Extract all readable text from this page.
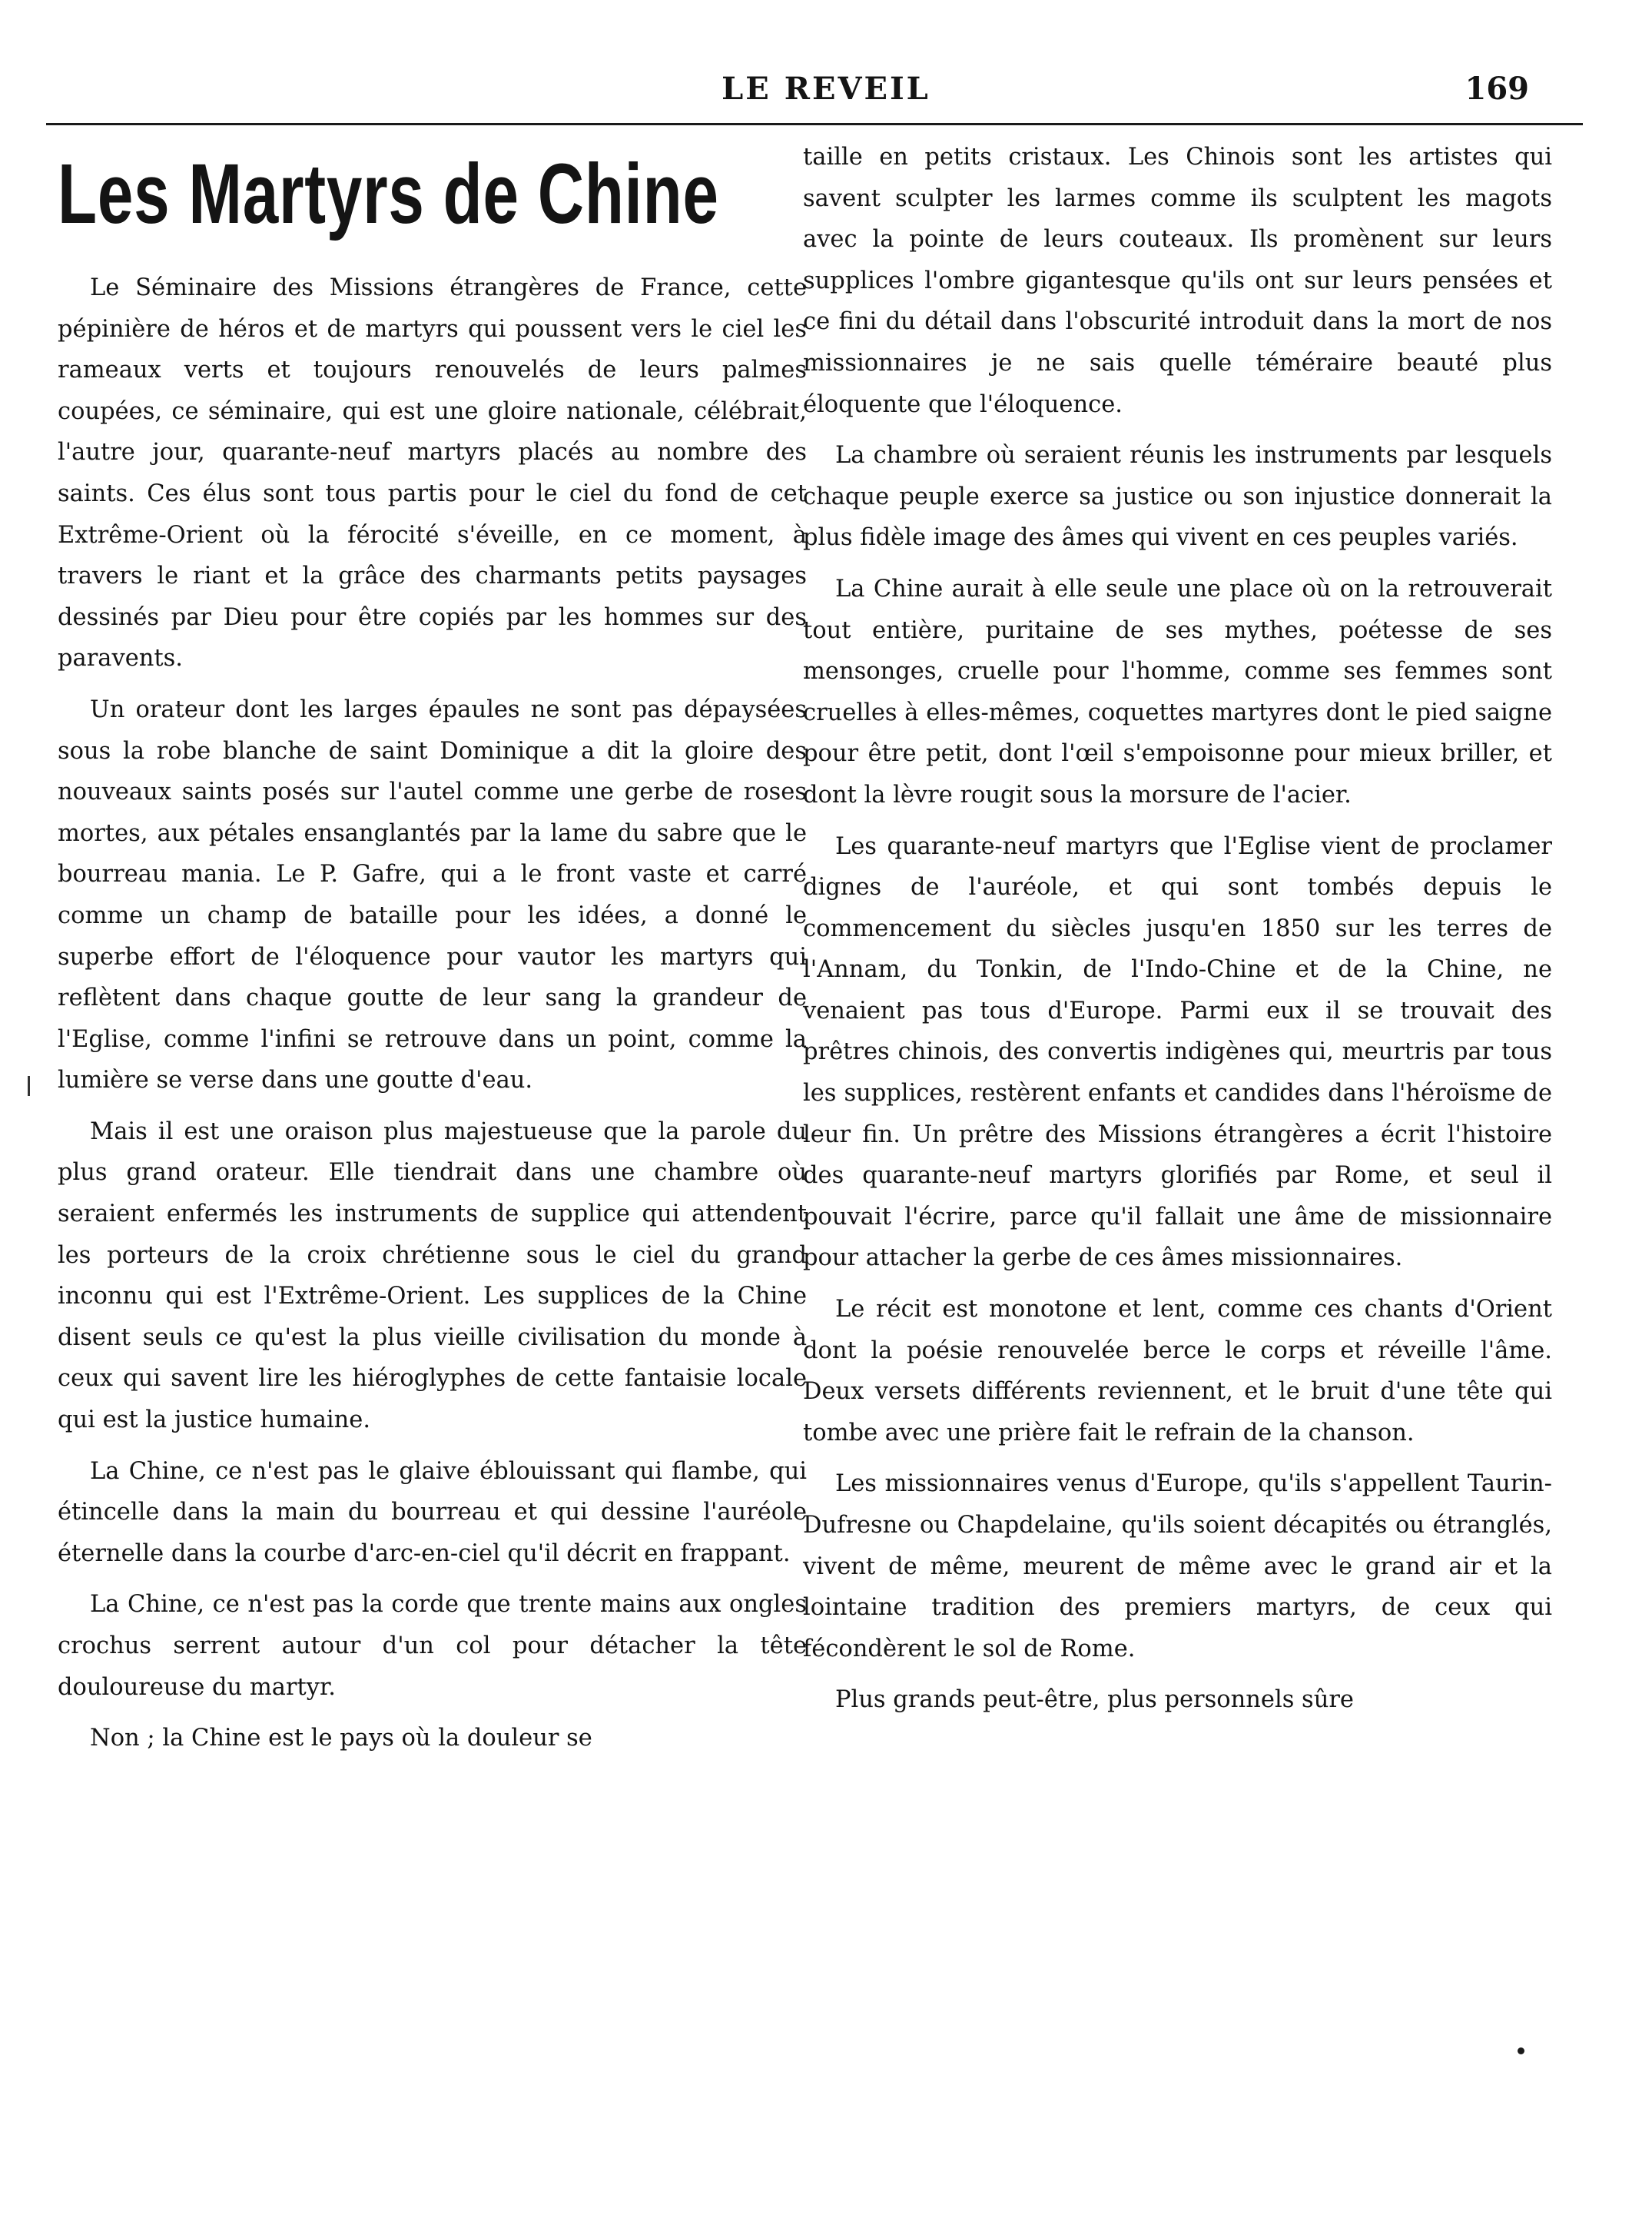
LE REVEIL	169
Les Martyrs de Chine

Le Séminaire des Missions étrangères de France, cette pépinière de héros et de martyrs qui poussent vers le ciel les rameaux verts et toujours renouvelés de leurs palmes coupées, ce séminaire, qui est une gloire nationale, célébrait, l'autre jour, quarante-neuf martyrs placés au nombre des saints. Ces élus sont tous partis pour le ciel du fond de cet Extrême-Orient où la férocité s'éveille, en ce moment, à travers le riant et la grâce des charmants petits paysages dessinés par Dieu pour être copiés par les hommes sur des paravents.

Un orateur dont les larges épaules ne sont pas dépaysées sous la robe blanche de saint Dominique a dit la gloire des nouveaux saints posés sur l'autel comme une gerbe de roses mortes, aux pétales ensanglantés par la lame du sabre que le bourreau mania. Le P. Gafre, qui a le front vaste et carré comme un champ de bataille pour les idées, a donné le superbe effort de l'éloquence pour vautor les martyrs qui reflètent dans chaque goutte de leur sang la grandeur de l'Eglise, comme l'infini se retrouve dans un point, comme la lumière se verse dans une goutte d'eau.

Mais il est une oraison plus majestueuse que la parole du plus grand orateur. Elle tiendrait dans une chambre où seraient enfermés les instruments de supplice qui attendent les porteurs de la croix chrétienne sous le ciel du grand inconnu qui est l'Extrême-Orient. Les supplices de la Chine disent seuls ce qu'est la plus vieille civilisation du monde à ceux qui savent lire les hiéroglyphes de cette fantaisie locale qui est la justice humaine.

La Chine, ce n'est pas le glaive éblouissant qui flambe, qui étincelle dans la main du bourreau et qui dessine l'auréole éternelle dans la courbe d'arc-en-ciel qu'il décrit en frappant.

La Chine, ce n'est pas la corde que trente mains aux ongles crochus serrent autour d'un col pour détacher la tête douloureuse du martyr.

Non ; la Chine est le pays où la douleur se

taille en petits cristaux. Les Chinois sont les artistes qui savent sculpter les larmes comme ils sculptent les magots avec la pointe de leurs couteaux. Ils promènent sur leurs supplices l'ombre gigantesque qu'ils ont sur leurs pensées et ce fini du détail dans l'obscurité introduit dans la mort de nos missionnaires je ne sais quelle téméraire beauté plus éloquente que l'éloquence.

La chambre où seraient réunis les instruments par lesquels chaque peuple exerce sa justice ou son injustice donnerait la plus fidèle image des âmes qui vivent en ces peuples variés.

La Chine aurait à elle seule une place où on la retrouverait tout entière, puritaine de ses mythes, poétesse de ses mensonges, cruelle pour l'homme, comme ses femmes sont cruelles à elles-mêmes, coquettes martyres dont le pied saigne pour être petit, dont l'œil s'empoisonne pour mieux briller, et dont la lèvre rougit sous la morsure de l'acier.

Les quarante-neuf martyrs que l'Eglise vient de proclamer dignes de l'auréole, et qui sont tombés depuis le commencement du siècles jusqu'en 1850 sur les terres de l'Annam, du Tonkin, de l'Indo-Chine et de la Chine, ne venaient pas tous d'Europe. Parmi eux il se trouvait des prêtres chinois, des convertis indigènes qui, meurtris par tous les supplices, restèrent enfants et candides dans l'héroïsme de leur fin. Un prêtre des Missions étrangères a écrit l'histoire des quarante-neuf martyrs glorifiés par Rome, et seul il pouvait l'écrire, parce qu'il fallait une âme de missionnaire pour attacher la gerbe de ces âmes missionnaires.

Le récit est monotone et lent, comme ces chants d'Orient dont la poésie renouvelée berce le corps et réveille l'âme. Deux versets différents reviennent, et le bruit d'une tête qui tombe avec une prière fait le refrain de la chanson.

Les missionnaires venus d'Europe, qu'ils s'appellent Taurin-Dufresne ou Chapdelaine, qu'ils soient décapités ou étranglés, vivent de même, meurent de même avec le grand air et la lointaine tradition des premiers martyrs, de ceux qui fécondèrent le sol de Rome.

Plus grands peut-être, plus personnels sûre
